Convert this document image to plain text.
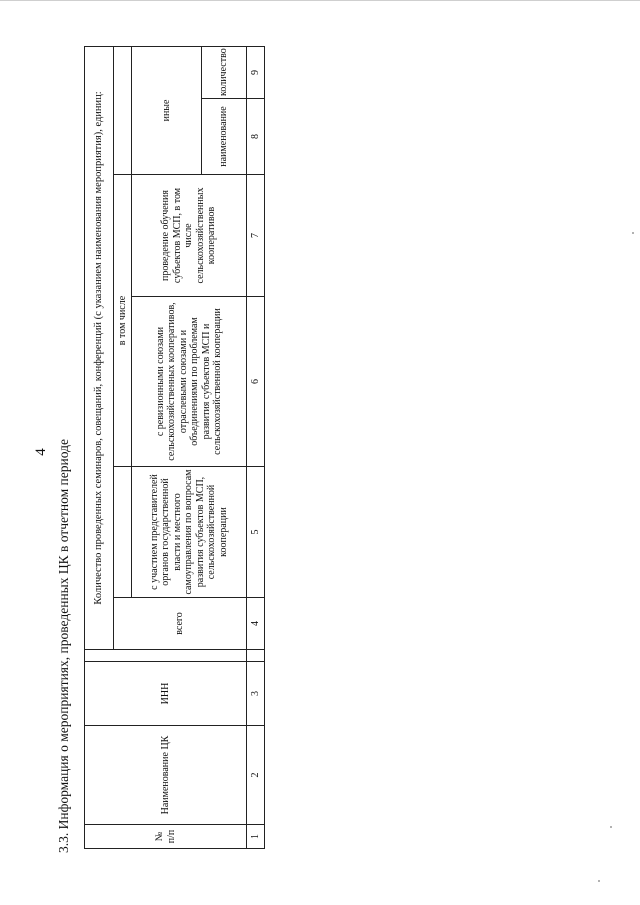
4 3.3. Информация о мероприятиях, проведенных ЦК в отчетном периоде	№ п/п	Наименование ЦК	ИНН		Количество проведенных семинаров, совещаний, конференций (с указанием наименования мероприятия), единиц:					
				всего		в том числе			
					с участием представителей органов государственной власти и местного самоуправления по вопросам развития субъектов МСП, сельскохозяйственной кооперации	с ревизионными союзами сельскохозяйственных кооперативов, отраслевыми союзами и объединениями по проблемам развития субъектов МСП и сельскохозяйственной кооперации	проведение обучения субъектов МСП, в том числе сельскохозяйственных кооперативов	иные	
								наименование	количество
1	2	3		4	5	6	7	8	9
